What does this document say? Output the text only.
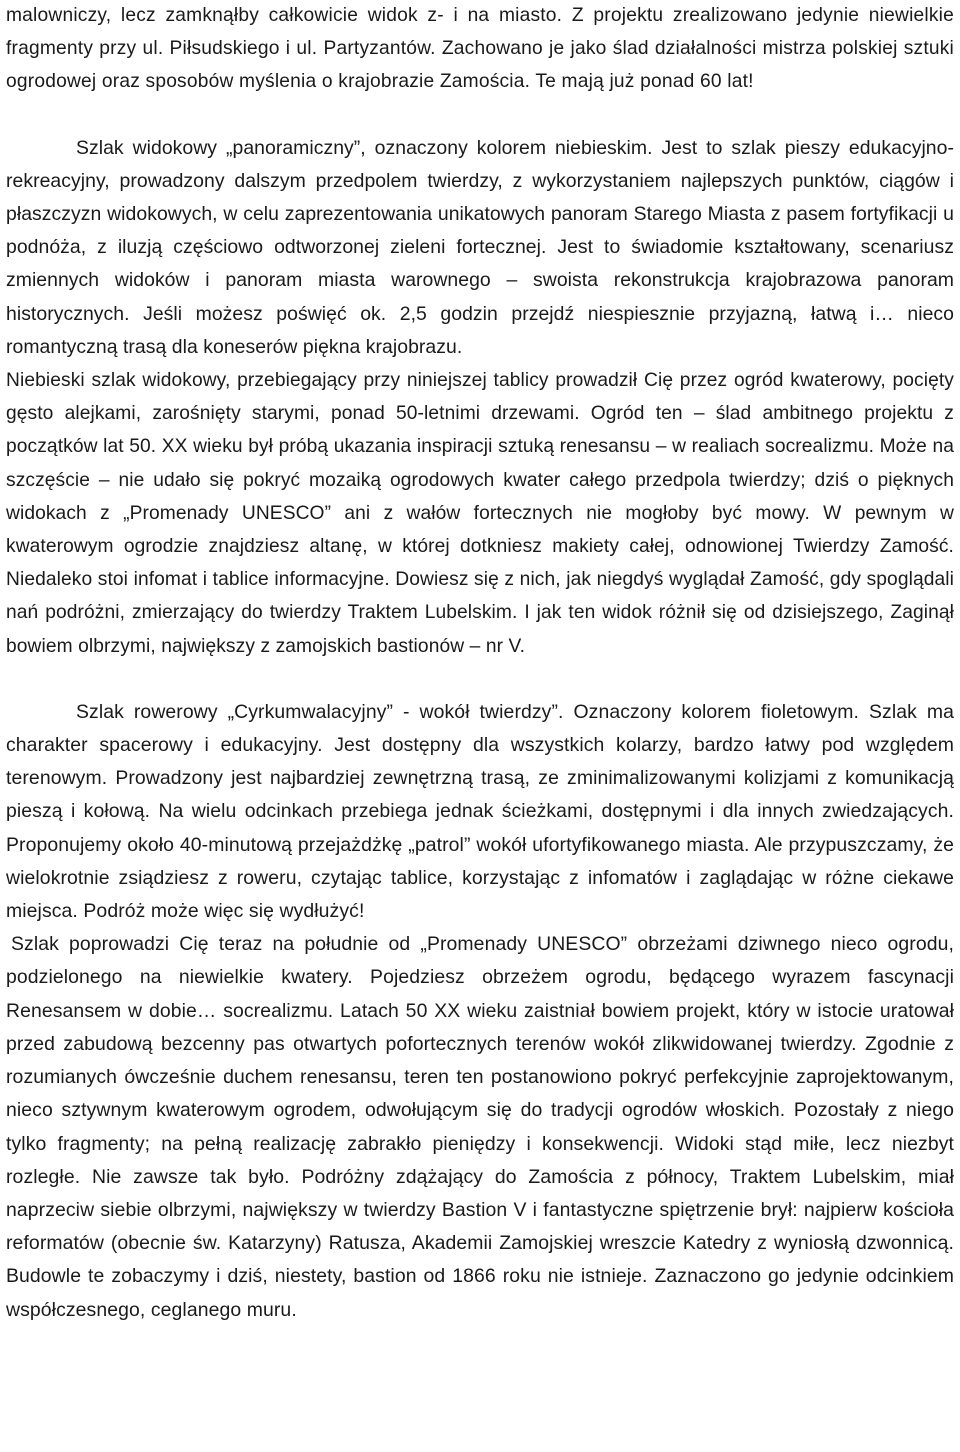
malowniczy, lecz zamknąłby całkowicie widok z- i na miasto. Z projektu zrealizowano jedynie niewielkie fragmenty przy ul. Piłsudskiego i ul. Partyzantów. Zachowano je jako ślad działalności mistrza polskiej sztuki ogrodowej oraz sposobów myślenia o krajobrazie Zamościa. Te mają już ponad 60 lat!

Szlak widokowy „panoramiczny”, oznaczony kolorem niebieskim. Jest to szlak pieszy edukacyjno-rekreacyjny, prowadzony dalszym przedpolem twierdzy, z wykorzystaniem najlepszych punktów, ciągów i płaszczyzn widokowych, w celu zaprezentowania unikatowych panoram Starego Miasta z pasem fortyfikacji u podnóża, z iluzją częściowo odtworzonej zieleni fortecznej. Jest to świadomie kształtowany, scenariusz zmiennych widoków i panoram miasta warownego – swoista rekonstrukcja krajobrazowa panoram historycznych. Jeśli możesz poświęć ok. 2,5 godzin przejdź niespiesznie przyjazną, łatwą i… nieco romantyczną trasą dla koneserów piękna krajobrazu.

Niebieski szlak widokowy, przebiegający przy niniejszej tablicy prowadził Cię przez ogród kwaterowy, pocięty gęsto alejkami, zarośnięty starymi, ponad 50-letnimi drzewami. Ogród ten – ślad ambitnego projektu z początków lat 50. XX wieku był próbą ukazania inspiracji sztuką renesansu – w realiach socrealizmu. Może na szczęście – nie udało się pokryć mozaiką ogrodowych kwater całego przedpola twierdzy; dziś o pięknych widokach z „Promenady UNESCO” ani z wałów fortecznych nie mogłoby być mowy. W pewnym w kwaterowym ogrodzie znajdziesz altanę, w której dotkniesz makiety całej, odnowionej Twierdzy Zamość. Niedaleko stoi infomat i tablice informacyjne. Dowiesz się z nich, jak niegdyś wyglądał Zamość, gdy spoglądali nań podróżni, zmierzający do twierdzy Traktem Lubelskim. I jak ten widok różnił się od dzisiejszego, Zaginął bowiem olbrzymi, największy z zamojskich bastionów – nr V.

Szlak rowerowy „Cyrkumwalacyjny” - wokół twierdzy”. Oznaczony kolorem fioletowym. Szlak ma charakter spacerowy i edukacyjny. Jest dostępny dla wszystkich kolarzy, bardzo łatwy pod względem terenowym. Prowadzony jest najbardziej zewnętrzną trasą, ze zminimalizowanymi kolizjami z komunikacją pieszą i kołową. Na wielu odcinkach przebiega jednak ścieżkami, dostępnymi i dla innych zwiedzających. Proponujemy około 40-minutową przejażdżkę „patrol” wokół ufortyfikowanego miasta. Ale przypuszczamy, że wielokrotnie zsiądziesz z roweru, czytając tablice, korzystając z infomatów i zaglądając w różne ciekawe miejsca. Podróż może więc się wydłużyć!

Szlak poprowadzi Cię teraz na południe od „Promenady UNESCO” obrzeżami dziwnego nieco ogrodu, podzielonego na niewielkie kwatery. Pojedziesz obrzeżem ogrodu, będącego wyrazem fascynacji Renesansem w dobie… socrealizmu. Latach 50 XX wieku zaistniał bowiem projekt, który w istocie uratował przed zabudową bezcenny pas otwartych pofortecznych terenów wokół zlikwidowanej twierdzy. Zgodnie z rozumianych ówcześnie duchem renesansu, teren ten postanowiono pokryć perfekcyjnie zaprojektowanym, nieco sztywnym kwaterowym ogrodem, odwołującym się do tradycji ogrodów włoskich. Pozostały z niego tylko fragmenty; na pełną realizację zabrakło pieniędzy i konsekwencji. Widoki stąd miłe, lecz niezbyt rozległe. Nie zawsze tak było. Podróżny zdążający do Zamościa z północy, Traktem Lubelskim, miał naprzeciw siebie olbrzymi, największy w twierdzy Bastion V i fantastyczne spiętrzenie brył: najpierw kościoła reformatów (obecnie św. Katarzyny) Ratusza, Akademii Zamojskiej wreszcie Katedry z wyniosłą dzwonnicą. Budowle te zobaczymy i dziś, niestety, bastion od 1866 roku nie istnieje. Zaznaczono go jedynie odcinkiem współczesnego, ceglanego muru.
